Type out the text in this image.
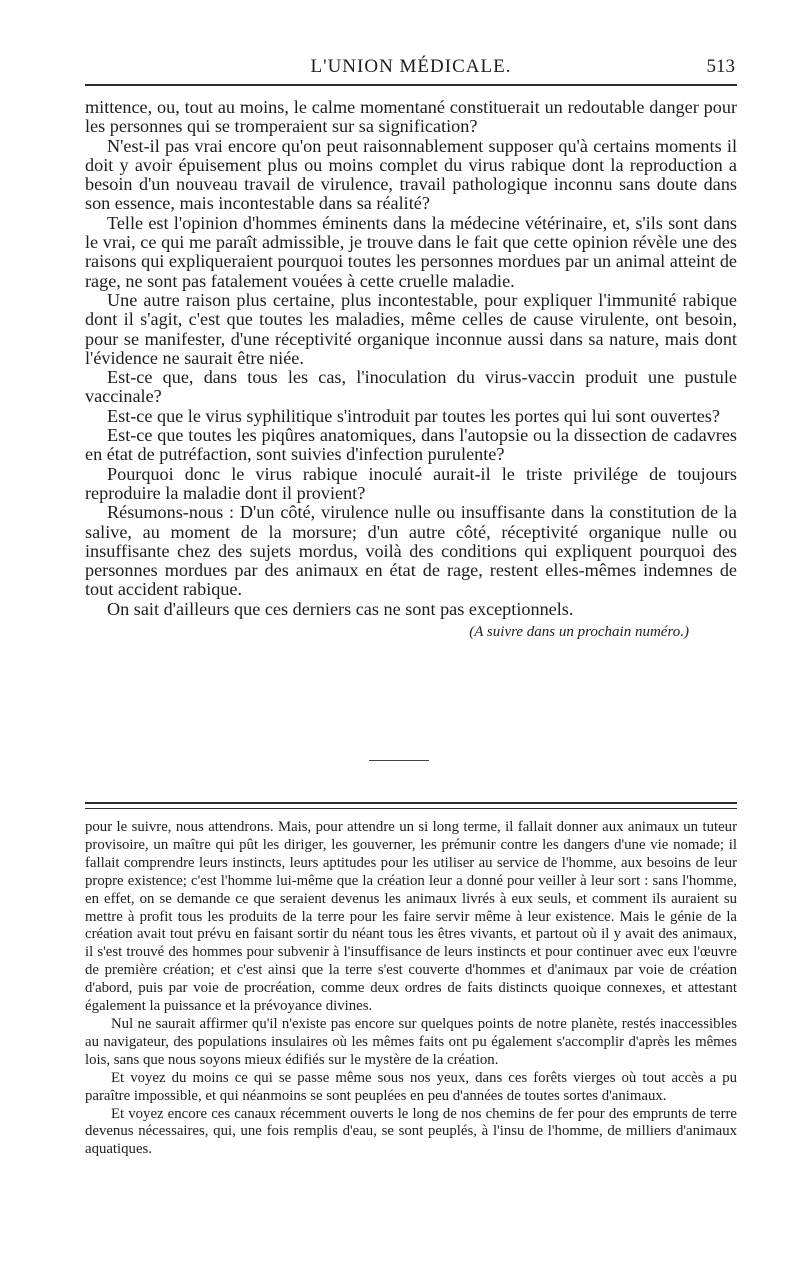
L'UNION MÉDICALE.	513

mittence, ou, tout au moins, le calme momentané constituerait un redoutable danger pour les personnes qui se tromperaient sur sa signification?

N'est-il pas vrai encore qu'on peut raisonnablement supposer qu'à certains moments il doit y avoir épuisement plus ou moins complet du virus rabique dont la reproduction a besoin d'un nouveau travail de virulence, travail pathologique inconnu sans doute dans son essence, mais incontestable dans sa réalité?

Telle est l'opinion d'hommes éminents dans la médecine vétérinaire, et, s'ils sont dans le vrai, ce qui me paraît admissible, je trouve dans le fait que cette opinion révèle une des raisons qui expliqueraient pourquoi toutes les personnes mordues par un animal atteint de rage, ne sont pas fatalement vouées à cette cruelle maladie.

Une autre raison plus certaine, plus incontestable, pour expliquer l'immunité rabique dont il s'agit, c'est que toutes les maladies, même celles de cause virulente, ont besoin, pour se manifester, d'une réceptivité organique inconnue aussi dans sa nature, mais dont l'évidence ne saurait être niée.

Est-ce que, dans tous les cas, l'inoculation du virus-vaccin produit une pustule vaccinale?

Est-ce que le virus syphilitique s'introduit par toutes les portes qui lui sont ouvertes?

Est-ce que toutes les piqûres anatomiques, dans l'autopsie ou la dissection de cadavres en état de putréfaction, sont suivies d'infection purulente?

Pourquoi donc le virus rabique inoculé aurait-il le triste privilége de toujours reproduire la maladie dont il provient?

Résumons-nous : D'un côté, virulence nulle ou insuffisante dans la constitution de la salive, au moment de la morsure; d'un autre côté, réceptivité organique nulle ou insuffisante chez des sujets mordus, voilà des conditions qui expliquent pourquoi des personnes mordues par des animaux en état de rage, restent elles-mêmes indemnes de tout accident rabique.

On sait d'ailleurs que ces derniers cas ne sont pas exceptionnels.

(A suivre dans un prochain numéro.)

pour le suivre, nous attendrons. Mais, pour attendre un si long terme, il fallait donner aux animaux un tuteur provisoire, un maître qui pût les diriger, les gouverner, les prémunir contre les dangers d'une vie nomade; il fallait comprendre leurs instincts, leurs aptitudes pour les utiliser au service de l'homme, aux besoins de leur propre existence; c'est l'homme lui-même que la création leur a donné pour veiller à leur sort : sans l'homme, en effet, on se demande ce que seraient devenus les animaux livrés à eux seuls, et comment ils auraient su mettre à profit tous les produits de la terre pour les faire servir même à leur existence. Mais le génie de la création avait tout prévu en faisant sortir du néant tous les êtres vivants, et partout où il y avait des animaux, il s'est trouvé des hommes pour subvenir à l'insuffisance de leurs instincts et pour continuer avec eux l'œuvre de première création; et c'est ainsi que la terre s'est couverte d'hommes et d'animaux par voie de création d'abord, puis par voie de procréation, comme deux ordres de faits distincts quoique connexes, et attestant également la puissance et la prévoyance divines.

Nul ne saurait affirmer qu'il n'existe pas encore sur quelques points de notre planète, restés inaccessibles au navigateur, des populations insulaires où les mêmes faits ont pu également s'accomplir d'après les mêmes lois, sans que nous soyons mieux édifiés sur le mystère de la création.

Et voyez du moins ce qui se passe même sous nos yeux, dans ces forêts vierges où tout accès a pu paraître impossible, et qui néanmoins se sont peuplées en peu d'années de toutes sortes d'animaux.

Et voyez encore ces canaux récemment ouverts le long de nos chemins de fer pour des emprunts de terre devenus nécessaires, qui, une fois remplis d'eau, se sont peuplés, à l'insu de l'homme, de milliers d'animaux aquatiques.
